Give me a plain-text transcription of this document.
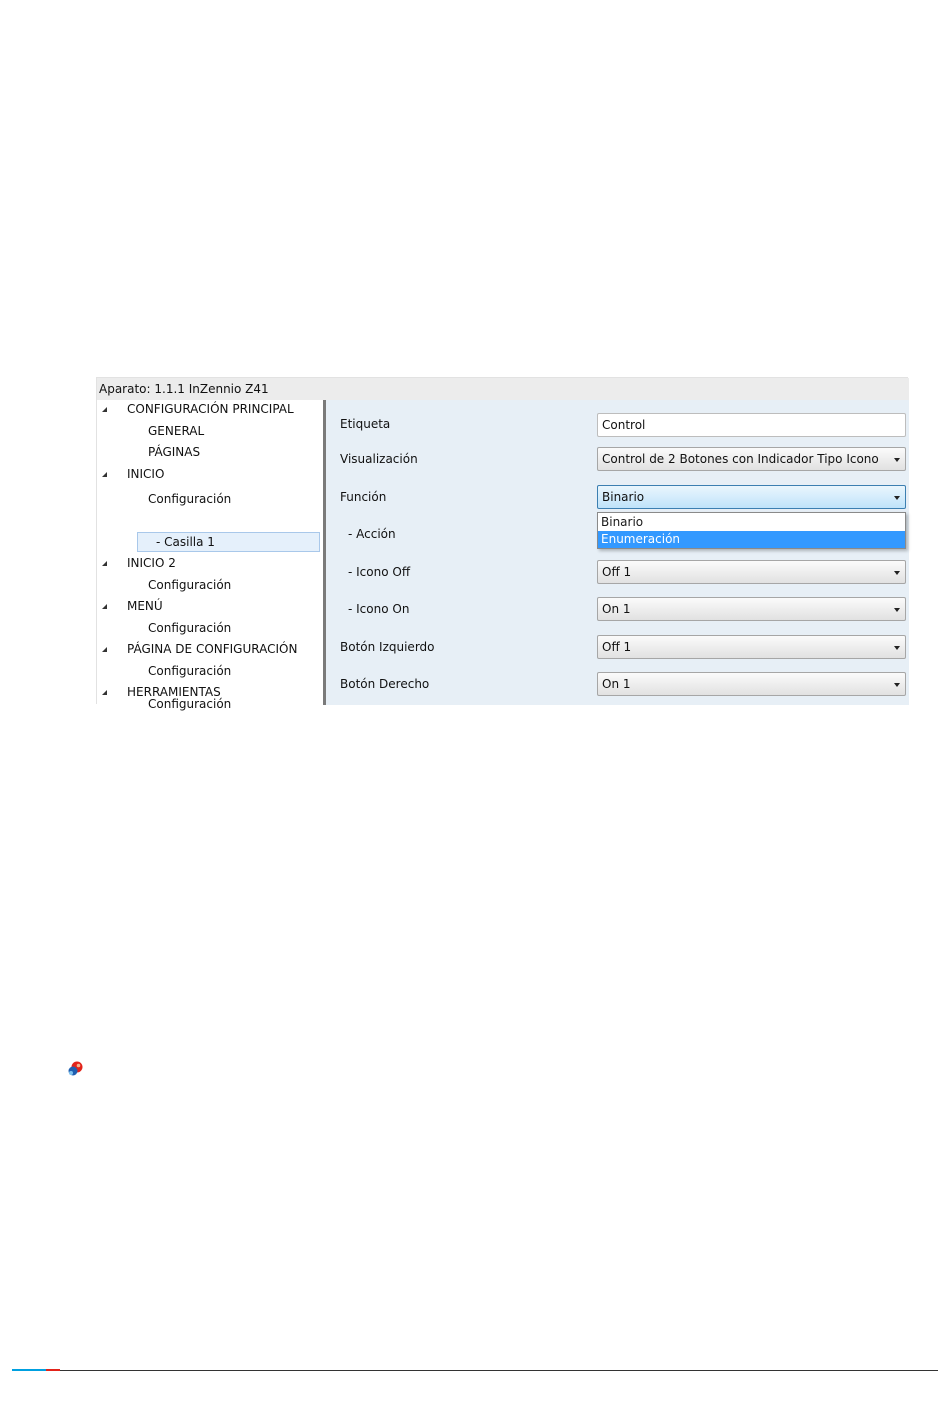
Aparato: 1.1.1 InZennio Z41
CONFIGURACIÓN PRINCIPAL
GENERAL
PÁGINAS
INICIO
Configuración
- Casilla 1
INICIO 2
Configuración
MENÚ
Configuración
PÁGINA DE CONFIGURACIÓN
Configuración
HERRAMIENTAS
Configuración
Etiqueta	Control
Visualización	Control de 2 Botones con Indicador Tipo Icono
Función	Binario
- Acción
- Icono Off	Off 1
- Icono On	On 1
Botón Izquierdo	Off 1
Botón Derecho	On 1
Binario
Enumeración
